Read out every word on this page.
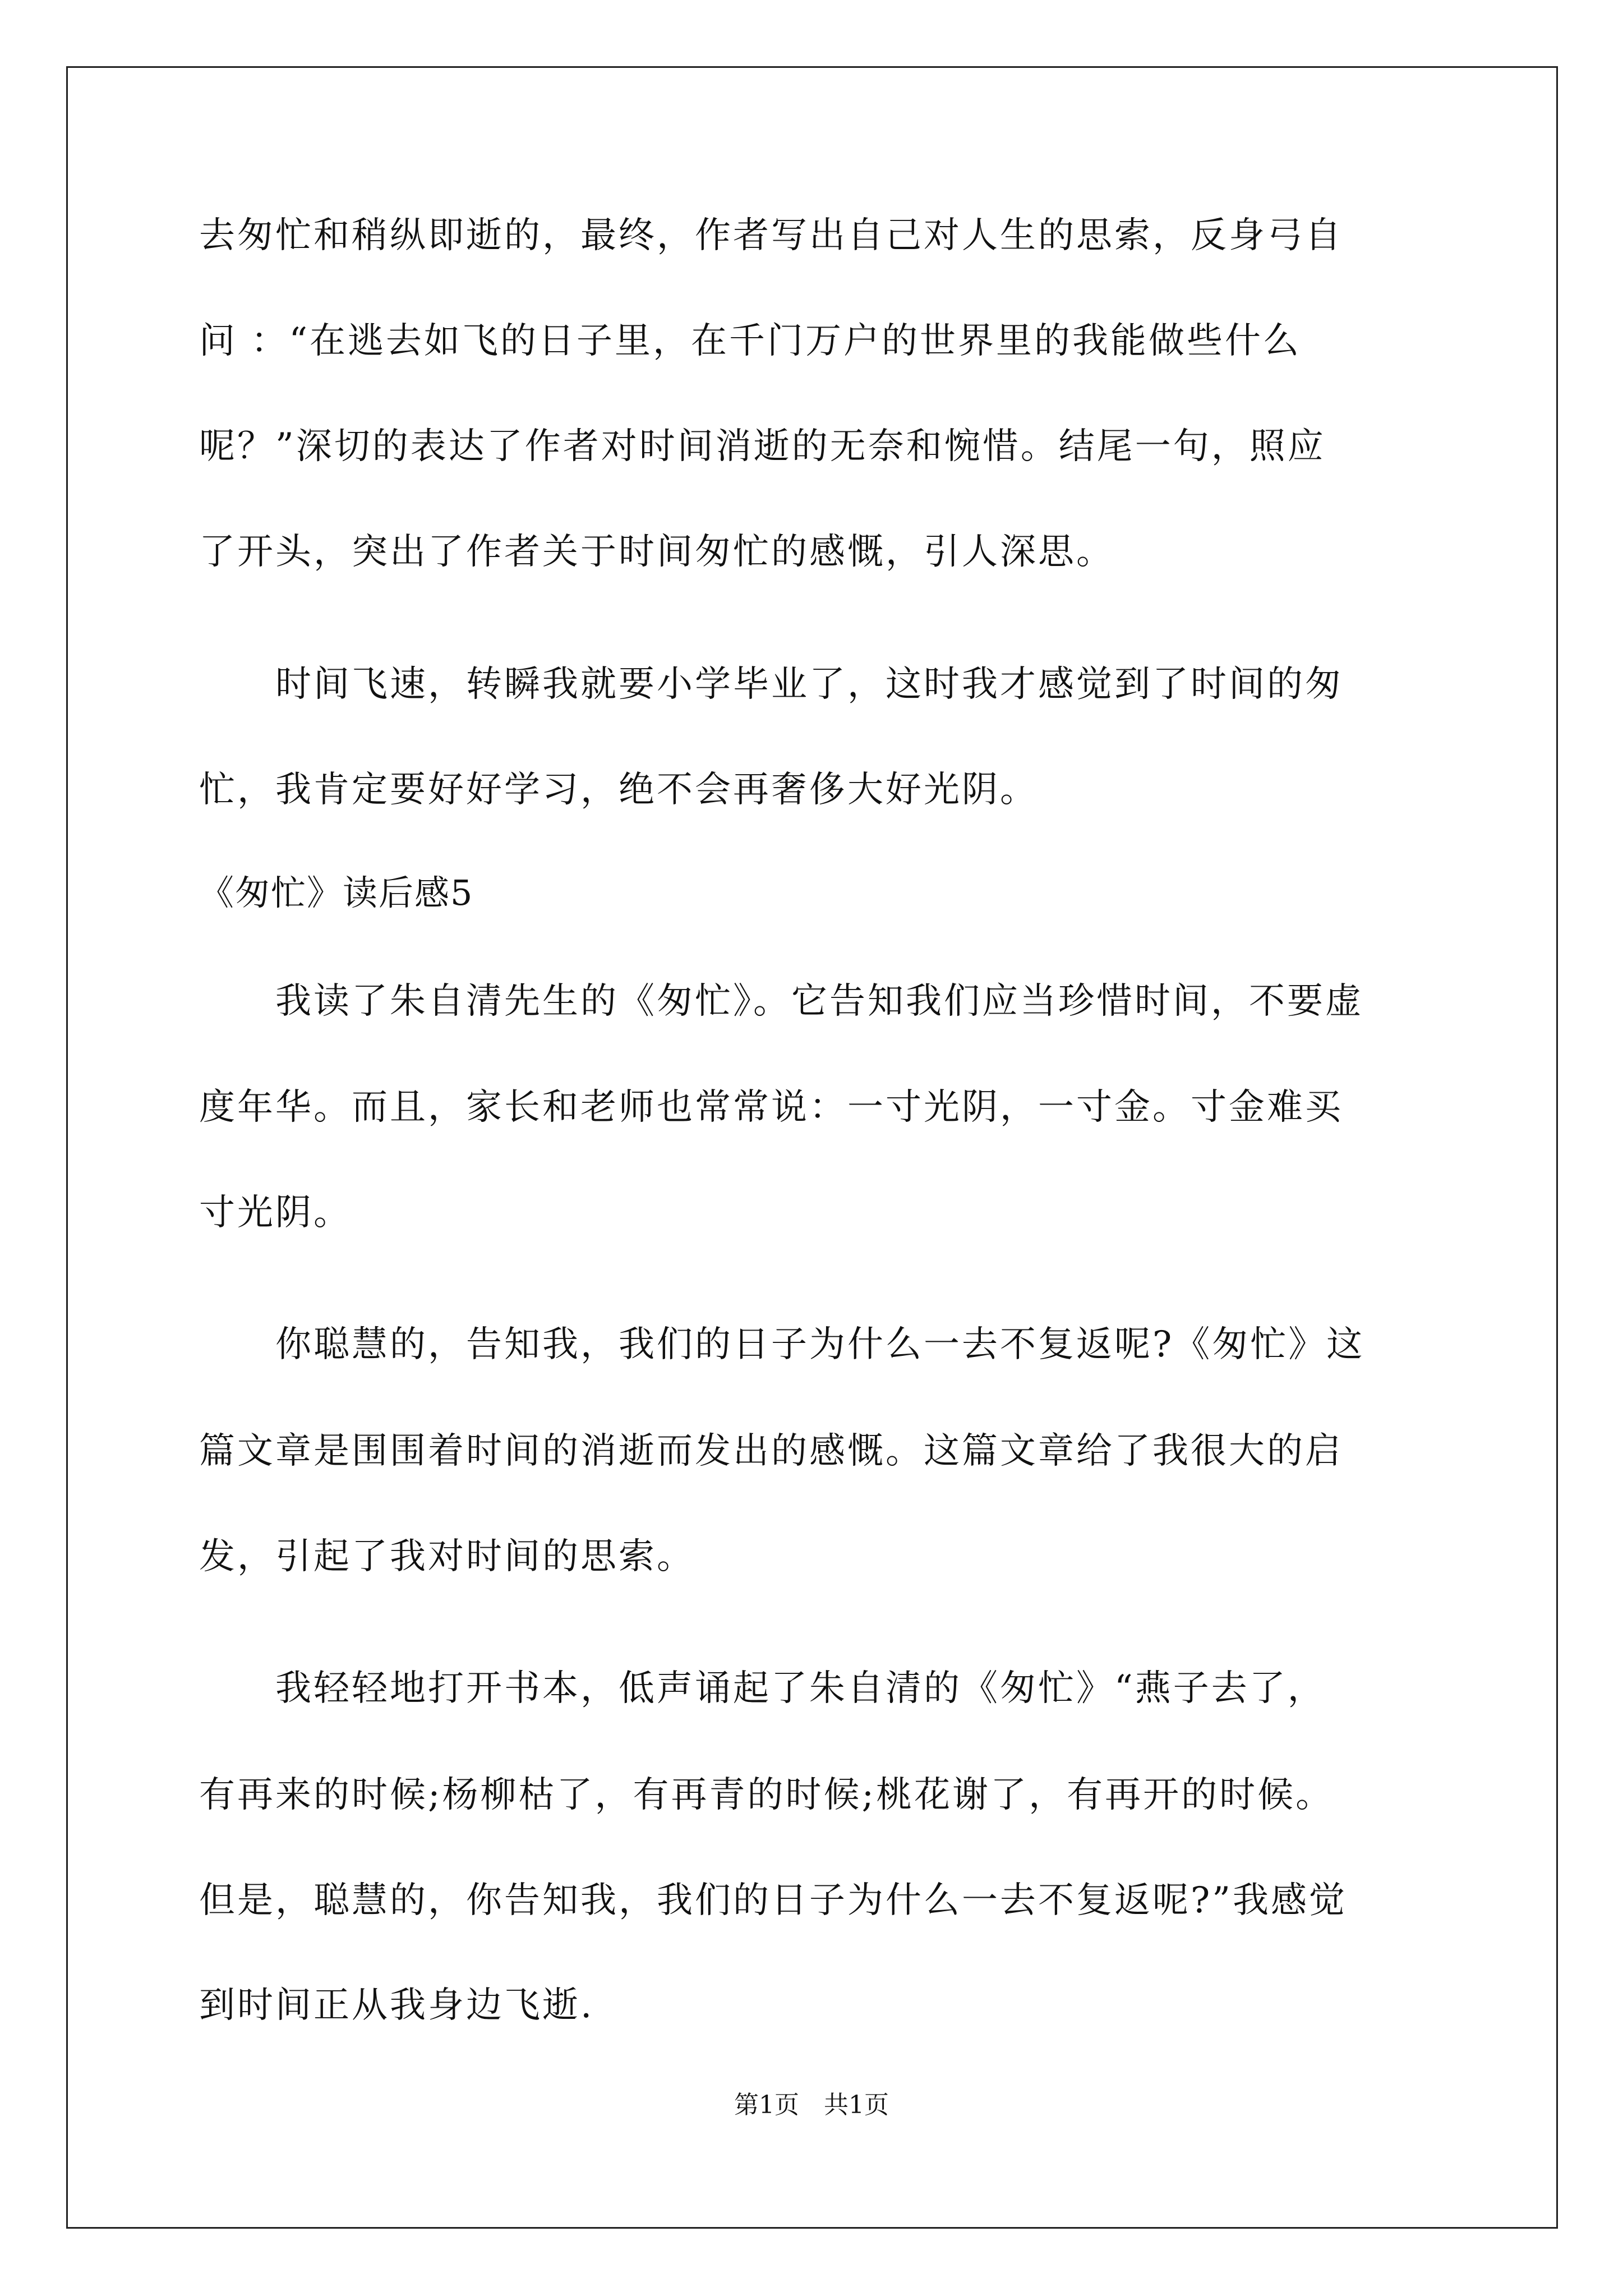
去匆忙和稍纵即逝的，最终，作者写出自己对人生的思索，反身弓自
问 ：“在逃去如飞的日子里，在千门万户的世界里的我能做些什么
呢？”深切的表达了作者对时间消逝的无奈和惋惜。结尾一句，照应
了开头，突出了作者关于时间匆忙的感慨，引人深思。
　　时间飞速，转瞬我就要小学毕业了，这时我才感觉到了时间的匆
忙，我肯定要好好学习，绝不会再奢侈大好光阴。
《匆忙》读后感5
　　我读了朱自清先生的《匆忙》。它告知我们应当珍惜时间，不要虚
度年华。而且，家长和老师也常常说：一寸光阴，一寸金。寸金难买
寸光阴。
　　你聪慧的，告知我，我们的日子为什么一去不复返呢?《匆忙》这
篇文章是围围着时间的消逝而发出的感慨。这篇文章给了我很大的启
发，引起了我对时间的思索。
　　我轻轻地打开书本，低声诵起了朱自清的《匆忙》“燕子去了，
有再来的时候;杨柳枯了，有再青的时候;桃花谢了，有再开的时候。
但是，聪慧的，你告知我，我们的日子为什么一去不复返呢?”我感觉
到时间正从我身边飞逝.
第1页　共1页
